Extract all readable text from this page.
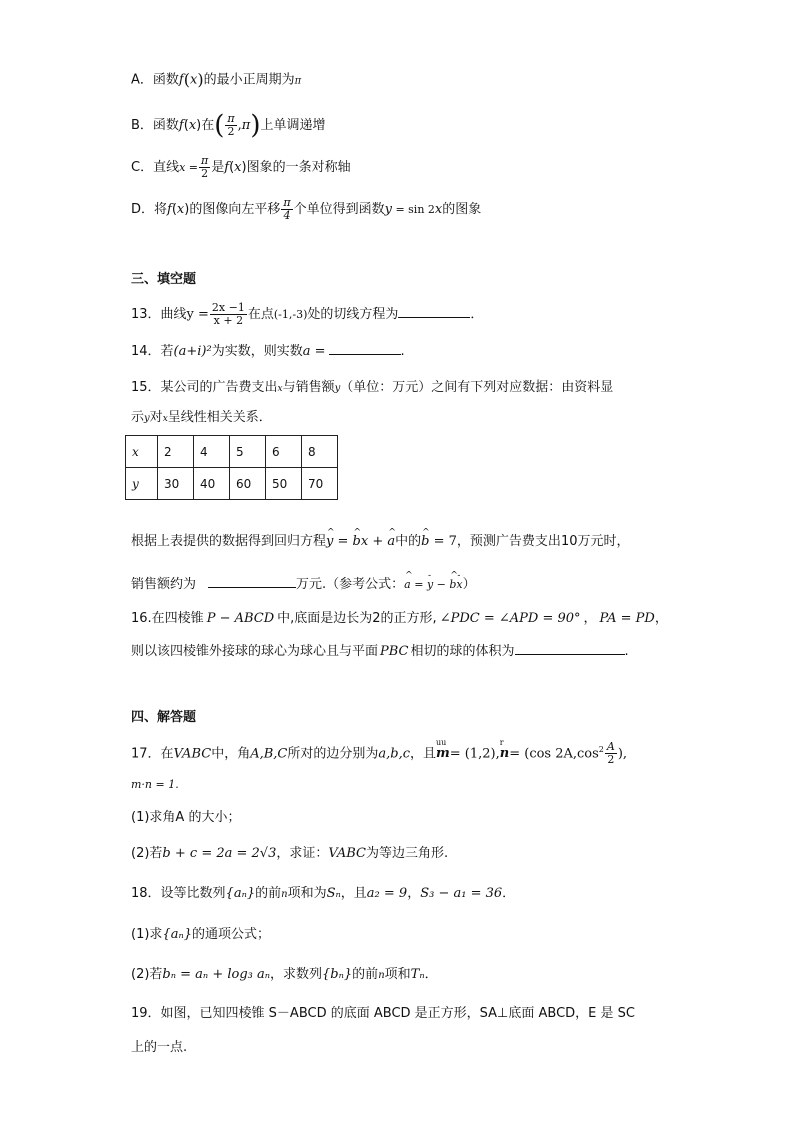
A．函数f(x)的最小正周期为π
B．函数f(x)在( $\frac{\pi}{2} ,\pi$)上单调递增
C．直线$x = \frac{\pi}{2}$ 是f(x)图象的一条对称轴
D．将f(x)的图像向左平移 $\frac{\pi}{4}$ 个单位得到函数y = sin 2x的图象
三、填空题
13．曲线$y = \frac{2x -1}{x + 2}$ 在点(-1,-3)处的切线方程为	．
14．若(a+i)²为实数，则实数a =	.
15．某公司的广告费支出x与销售额y（单位：万元）之间有下列对应数据：由资料显
示y对x呈线性相关关系．
x	2	4	5	6	8
y	30	40	60	50	70
根据上表提供的数据得到回归方程^ y = ^ bx + ^ a中的^ b = 7，预测广告费支出10万元时，
销售额约为	万元.（参考公式：^ a = - y − ^ b- x）
16.在四棱锥 P − ABCD 中,底面是边长为2的正方形, ∠PDC = ∠APD = 90° ， PA = PD，
则以该四棱锥外接球的球心为球心且与平面 PBC 相切的球的体积为	.
四、解答题
17．在VABC中，角A,B,C所对的边分别为a,b,c，且
uu
m= (1,2),
r
n= (cos $2A,\cos^2 \frac{A}{2}$ ),
m·n = 1.
(1)求角A 的大小；
(2)若b + c = 2a = 2√3，求证：VABC为等边三角形.
18．设等比数列{aₙ}的前n项和为Sₙ，且a₂ = 9，S₃ − a₁ = 36．
(1)求{aₙ}的通项公式；
(2)若bₙ = aₙ + log₃ aₙ，求数列{bₙ}的前n项和Tₙ．
19．如图，已知四棱锥 S－ABCD 的底面 ABCD 是正方形，SA⊥底面 ABCD，E 是 SC
上的一点.
